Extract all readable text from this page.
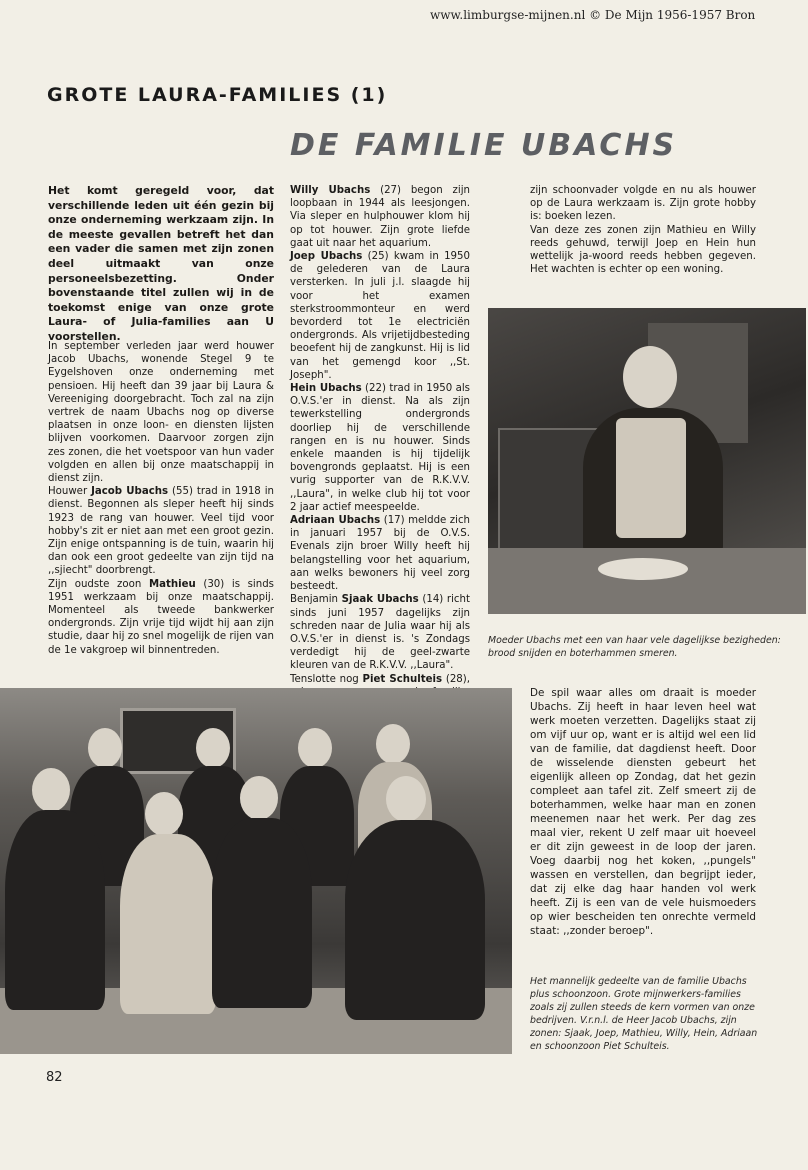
www.limburgse-mijnen.nl © De Mijn 1956-1957 Bron
GROTE LAURA-FAMILIES (1)
DE FAMILIE UBACHS

Het komt geregeld voor, dat verschillende leden uit één gezin bij onze onderneming werkzaam zijn. In de meeste gevallen betreft het dan een vader die samen met zijn zonen deel uitmaakt van onze personeelsbezetting. Onder bovenstaande titel zullen wij in de toekomst enige van onze grote Laura- of Julia-families aan U voorstellen.

In september verleden jaar werd houwer Jacob Ubachs, wonende Stegel 9 te Eygelshoven onze onderneming met pensioen. Hij heeft dan 39 jaar bij Laura & Vereeniging doorgebracht. Toch zal na zijn vertrek de naam Ubachs nog op diverse plaatsen in onze loon- en diensten lijsten blijven voorkomen. Daarvoor zorgen zijn zes zonen, die het voetspoor van hun vader volgden en allen bij onze maatschappij in dienst zijn.

Houwer Jacob Ubachs (55) trad in 1918 in dienst. Begonnen als sleper heeft hij sinds 1923 de rang van houwer. Veel tijd voor hobby's zit er niet aan met een groot gezin. Zijn enige ontspanning is de tuin, waarin hij dan ook een groot gedeelte van zijn tijd na ,,sjiecht" doorbrengt.

Zijn oudste zoon Mathieu (30) is sinds 1951 werkzaam bij onze maatschappij. Momenteel als tweede bankwerker ondergronds. Zijn vrije tijd wijdt hij aan zijn studie, daar hij zo snel mogelijk de rijen van de 1e vakgroep wil binnentreden.

Willy Ubachs (27) begon zijn loopbaan in 1944 als leesjongen. Via sleper en hulphouwer klom hij op tot houwer. Zijn grote liefde gaat uit naar het aquarium.

Joep Ubachs (25) kwam in 1950 de gelederen van de Laura versterken. In juli j.l. slaagde hij voor het examen sterkstroommonteur en werd bevorderd tot 1e electriciën ondergronds. Als vrijetijdbesteding beoefent hij de zangkunst. Hij is lid van het gemengd koor ,,St. Joseph".

Hein Ubachs (22) trad in 1950 als O.V.S.'er in dienst. Na als zijn tewerkstelling ondergronds doorliep hij de verschillende rangen en is nu houwer. Sinds enkele maanden is hij tijdelijk bovengronds geplaatst. Hij is een vurig supporter van de R.K.V.V. ,,Laura", in welke club hij tot voor 2 jaar actief meespeelde.

Adriaan Ubachs (17) meldde zich in januari 1957 bij de O.V.S. Evenals zijn broer Willy heeft hij belangstelling voor het aquarium, aan welks bewoners hij veel zorg besteedt.

Benjamin Sjaak Ubachs (14) richt sinds juni 1957 dagelijks zijn schreden naar de Julia waar hij als O.V.S.'er in dienst is. 's Zondags verdedigt hij de geel-zwarte kleuren van de R.K.V.V. ,,Laura".

Tenslotte nog Piet Schulteis (28),

zijn schoonvader volgde en nu als houwer op de Laura werkzaam is. Zijn grote hobby is: boeken lezen.

Van deze zes zonen zijn Mathieu en Willy reeds gehuwd, terwijl Joep en Hein hun wettelijk ja-woord reeds hebben gegeven. Het wachten is echter op een woning.

Moeder Ubachs met een van haar vele dagelijkse bezigheden: brood snijden en boterhammen smeren.

De spil waar alles om draait is moeder Ubachs. Zij heeft in haar leven heel wat werk moeten verzetten. Dagelijks staat zij om vijf uur op, want er is altijd wel een lid van de familie, dat dagdienst heeft. Door de wisselende diensten gebeurt het eigenlijk alleen op Zondag, dat het gezin compleet aan tafel zit. Zelf smeert zij de boterhammen, welke haar man en zonen meenemen naar het werk. Per dag zes maal vier, rekent U zelf maar uit hoeveel er dit zijn geweest in de loop der jaren. Voeg daarbij nog het koken, ,,pungels" wassen en verstellen, dan begrijpt ieder, dat zij elke dag haar handen vol werk heeft. Zij is een van de vele huismoeders op wier bescheiden ten onrechte vermeld staat: ,,zonder beroep".

Het mannelijk gedeelte van de familie Ubachs plus schoonzoon. Grote mijnwerkers-families zoals zij zullen steeds de kern vormen van onze bedrijven. V.r.n.l. de Heer Jacob Ubachs, zijn zonen: Sjaak, Joep, Mathieu, Willy, Hein, Adriaan en schoonzoon Piet Schulteis.
82
